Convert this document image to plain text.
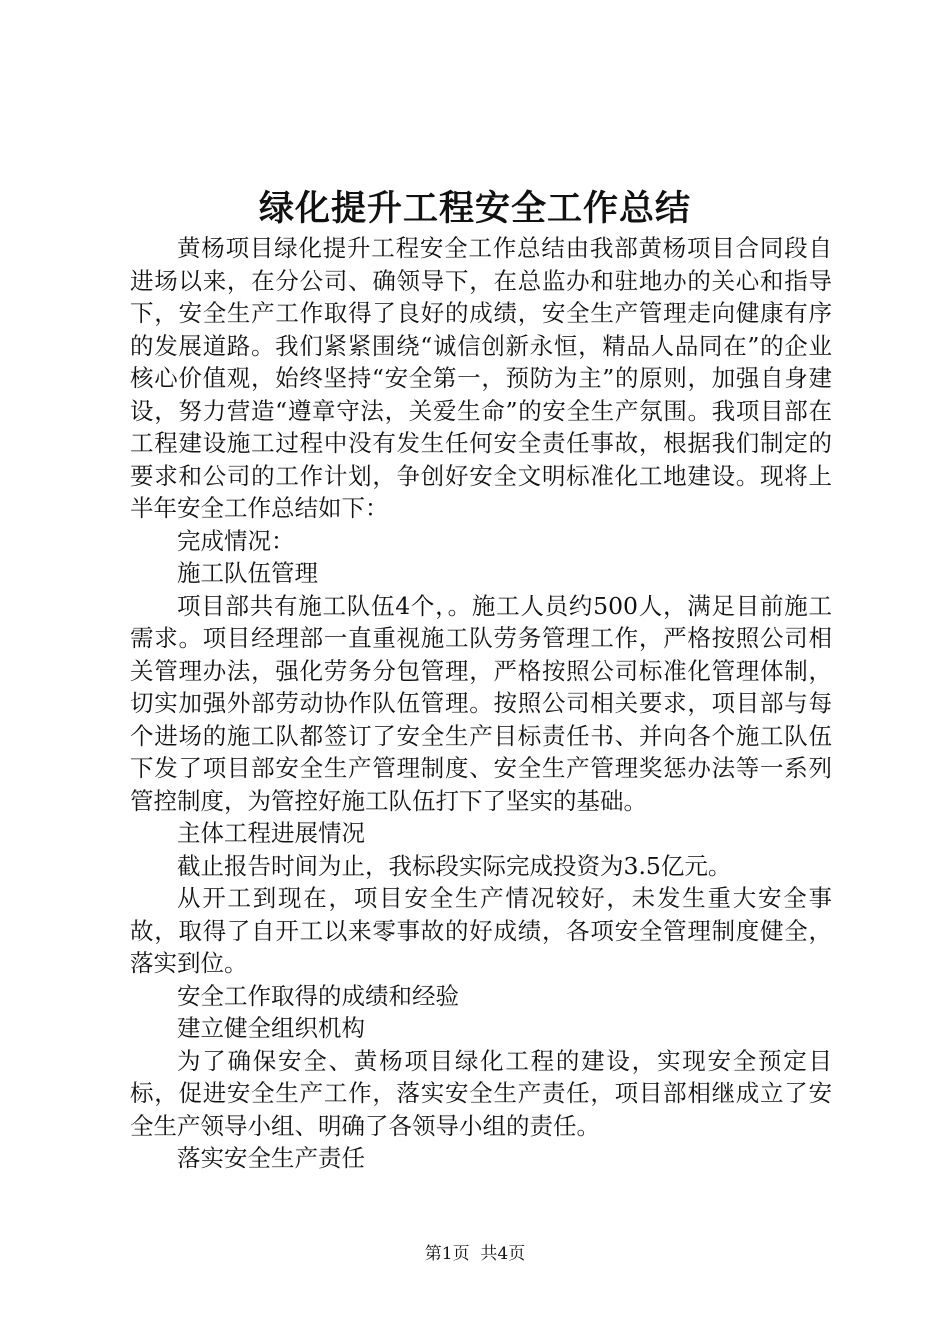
绿化提升工程安全工作总结

黄杨项目绿化提升工程安全工作总结由我部黄杨项目合同段自进场以来，在分公司、确领导下，在总监办和驻地办的关心和指导下，安全生产工作取得了良好的成绩，安全生产管理走向健康有序的发展道路。我们紧紧围绕“诚信创新永恒，精品人品同在”的企业核心价值观，始终坚持“安全第一，预防为主”的原则，加强自身建设，努力营造“遵章守法，关爱生命”的安全生产氛围。我项目部在工程建设施工过程中没有发生任何安全责任事故，根据我们制定的要求和公司的工作计划，争创好安全文明标准化工地建设。现将上半年安全工作总结如下：

完成情况：

施工队伍管理

项目部共有施工队伍4个，。施工人员约500人，满足目前施工需求。项目经理部一直重视施工队劳务管理工作，严格按照公司相关管理办法，强化劳务分包管理，严格按照公司标准化管理体制，切实加强外部劳动协作队伍管理。按照公司相关要求，项目部与每个进场的施工队都签订了安全生产目标责任书、并向各个施工队伍下发了项目部安全生产管理制度、安全生产管理奖惩办法等一系列管控制度，为管控好施工队伍打下了坚实的基础。

主体工程进展情况

截止报告时间为止，我标段实际完成投资为3.5亿元。

从开工到现在，项目安全生产情况较好，未发生重大安全事故，取得了自开工以来零事故的好成绩，各项安全管理制度健全，落实到位。

安全工作取得的成绩和经验

建立健全组织机构

为了确保安全、黄杨项目绿化工程的建设，实现安全预定目标，促进安全生产工作，落实安全生产责任，项目部相继成立了安全生产领导小组、明确了各领导小组的责任。

落实安全生产责任

第1页 共4页
